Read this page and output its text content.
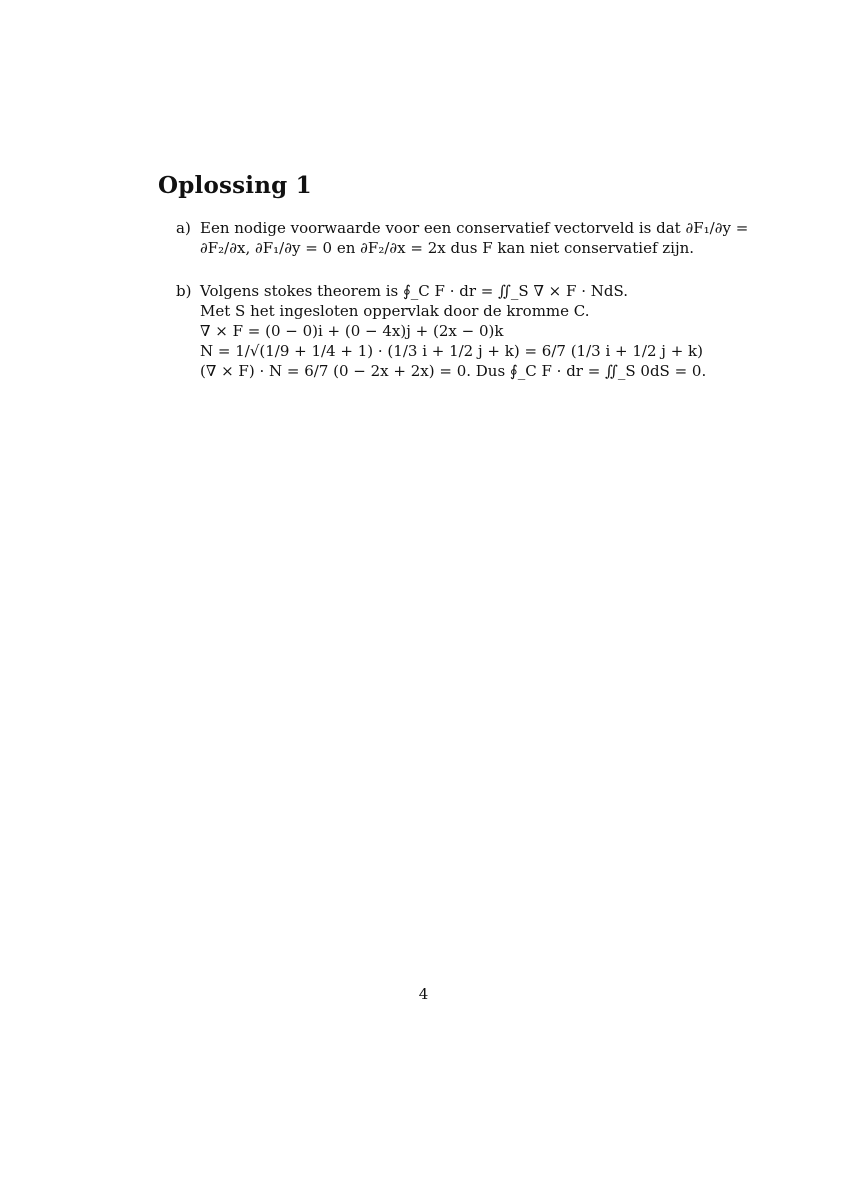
Oplossing 1
a) Een nodige voorwaarde voor een conservatief vectorveld is dat ∂F₁/∂y =
∂F₂/∂x, ∂F₁/∂y = 0 en ∂F₂/∂x = 2x dus F kan niet conservatief zijn.
b) Volgens stokes theorem is ∮_C F · dr = ∬_S ∇ × F · NdS.
Met S het ingesloten oppervlak door de kromme C.
∇ × F = (0 − 0)i + (0 − 4x)j + (2x − 0)k
N = 1/√(1/9 + 1/4 + 1) · (1/3 i + 1/2 j + k) = 6/7 (1/3 i + 1/2 j + k)
(∇ × F) · N = 6/7 (0 − 2x + 2x) = 0. Dus ∮_C F · dr = ∬_S 0dS = 0.
4
